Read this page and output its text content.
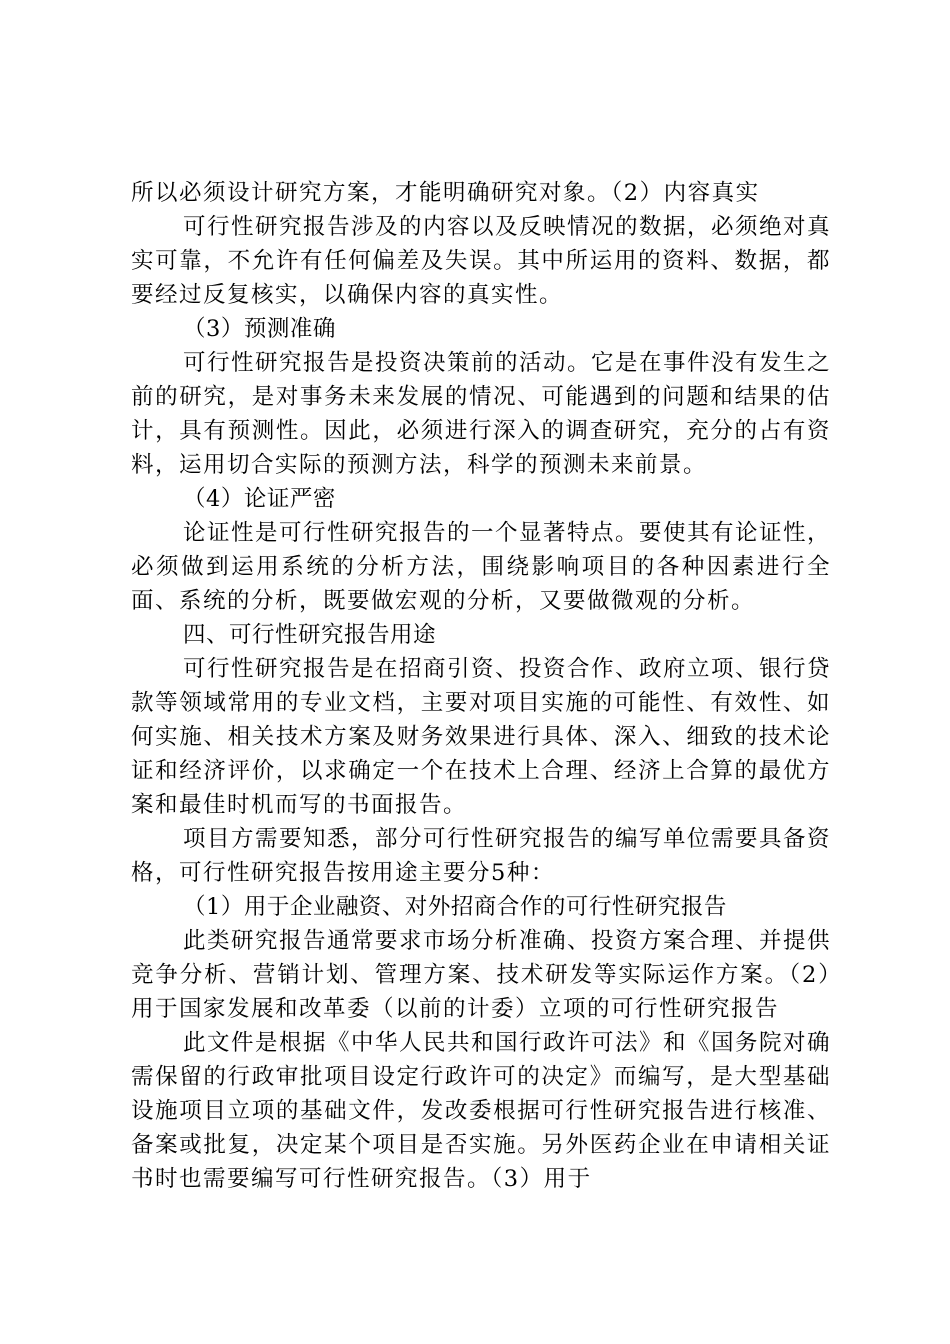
所以必须设计研究方案，才能明确研究对象。（2）内容真实

可行性研究报告涉及的内容以及反映情况的数据，必须绝对真实可靠，不允许有任何偏差及失误。其中所运用的资料、数据，都要经过反复核实，以确保内容的真实性。

（3）预测准确

可行性研究报告是投资决策前的活动。它是在事件没有发生之前的研究，是对事务未来发展的情况、可能遇到的问题和结果的估计，具有预测性。因此，必须进行深入的调查研究，充分的占有资料，运用切合实际的预测方法，科学的预测未来前景。

（4）论证严密

论证性是可行性研究报告的一个显著特点。要使其有论证性，必须做到运用系统的分析方法，围绕影响项目的各种因素进行全面、系统的分析，既要做宏观的分析，又要做微观的分析。

四、可行性研究报告用途

可行性研究报告是在招商引资、投资合作、政府立项、银行贷款等领域常用的专业文档，主要对项目实施的可能性、有效性、如何实施、相关技术方案及财务效果进行具体、深入、细致的技术论证和经济评价，以求确定一个在技术上合理、经济上合算的最优方案和最佳时机而写的书面报告。

项目方需要知悉，部分可行性研究报告的编写单位需要具备资格，可行性研究报告按用途主要分5种：

（1）用于企业融资、对外招商合作的可行性研究报告

此类研究报告通常要求市场分析准确、投资方案合理、并提供竞争分析、营销计划、管理方案、技术研发等实际运作方案。（2）用于国家发展和改革委（以前的计委）立项的可行性研究报告

此文件是根据《中华人民共和国行政许可法》和《国务院对确需保留的行政审批项目设定行政许可的决定》而编写，是大型基础设施项目立项的基础文件，发改委根据可行性研究报告进行核准、备案或批复，决定某个项目是否实施。另外医药企业在申请相关证书时也需要编写可行性研究报告。（3）用于
